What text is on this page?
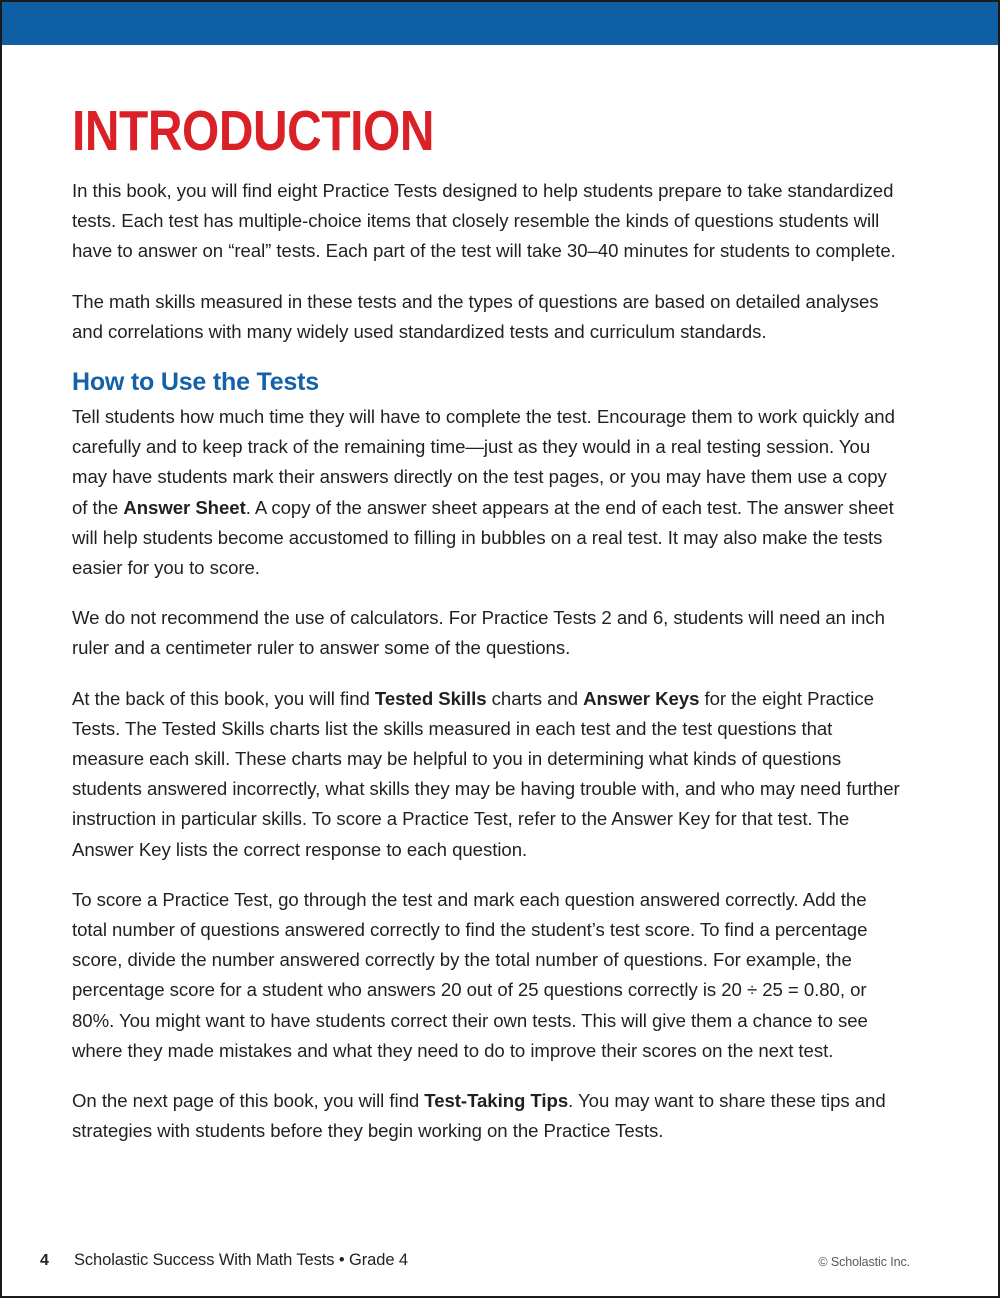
INTRODUCTION

In this book, you will find eight Practice Tests designed to help students prepare to take standardized tests. Each test has multiple-choice items that closely resemble the kinds of questions students will have to answer on “real” tests. Each part of the test will take 30–40 minutes for students to complete.

The math skills measured in these tests and the types of questions are based on detailed analyses and correlations with many widely used standardized tests and curriculum standards.

How to Use the Tests

Tell students how much time they will have to complete the test. Encourage them to work quickly and carefully and to keep track of the remaining time—just as they would in a real testing session. You may have students mark their answers directly on the test pages, or you may have them use a copy of the Answer Sheet. A copy of the answer sheet appears at the end of each test. The answer sheet will help students become accustomed to filling in bubbles on a real test. It may also make the tests easier for you to score.

We do not recommend the use of calculators. For Practice Tests 2 and 6, students will need an inch ruler and a centimeter ruler to answer some of the questions.

At the back of this book, you will find Tested Skills charts and Answer Keys for the eight Practice Tests. The Tested Skills charts list the skills measured in each test and the test questions that measure each skill. These charts may be helpful to you in determining what kinds of questions students answered incorrectly, what skills they may be having trouble with, and who may need further instruction in particular skills. To score a Practice Test, refer to the Answer Key for that test. The Answer Key lists the correct response to each question.

To score a Practice Test, go through the test and mark each question answered correctly. Add the total number of questions answered correctly to find the student’s test score. To find a percentage score, divide the number answered correctly by the total number of questions. For example, the percentage score for a student who answers 20 out of 25 questions correctly is 20 ÷ 25 = 0.80, or 80%. You might want to have students correct their own tests. This will give them a chance to see where they made mistakes and what they need to do to improve their scores on the next test.

On the next page of this book, you will find Test-Taking Tips. You may want to share these tips and strategies with students before they begin working on the Practice Tests.

4	Scholastic Success With Math Tests • Grade 4	© Scholastic Inc.
